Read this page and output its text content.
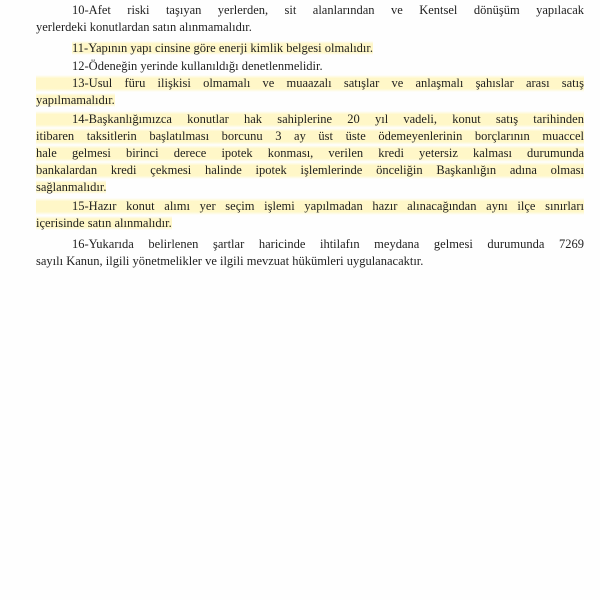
10-Afet riski taşıyan yerlerden, sit alanlarından ve Kentsel dönüşüm yapılacak
yerlerdeki konutlardan satın alınmamalıdır.

11-Yapının yapı cinsine göre enerji kimlik belgesi olmalıdır.

12-Ödeneğin yerinde kullanıldığı denetlenmelidir.

13-Usul füru ilişkisi olmamalı ve muaazalı satışlar ve anlaşmalı şahıslar arası satış
yapılmamalıdır.

14-Başkanlığımızca konutlar hak sahiplerine 20 yıl vadeli, konut satış tarihinden
itibaren taksitlerin başlatılması borcunu 3 ay üst üste ödemeyenlerinin borçlarının muaccel
hale gelmesi birinci derece ipotek konması, verilen kredi yetersiz kalması durumunda
bankalardan kredi çekmesi halinde ipotek işlemlerinde önceliğin Başkanlığın adına olması
sağlanmalıdır.

15-Hazır konut alımı yer seçim işlemi yapılmadan hazır alınacağından aynı ilçe sınırları
içerisinde satın alınmalıdır.

16-Yukarıda belirlenen şartlar haricinde ihtilafın meydana gelmesi durumunda 7269
sayılı Kanun, ilgili yönetmelikler ve ilgili mevzuat hükümleri uygulanacaktır.
